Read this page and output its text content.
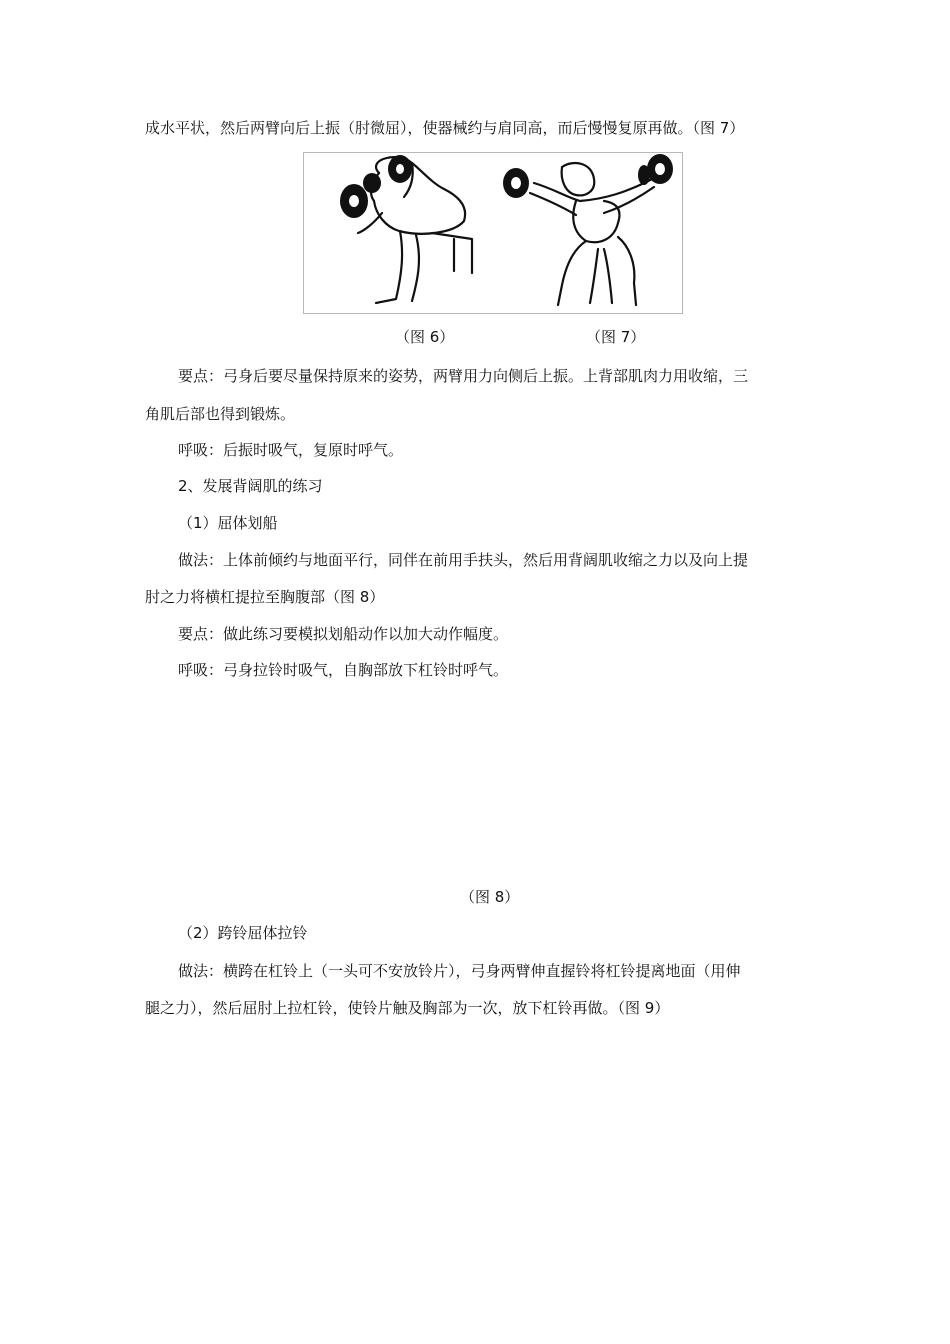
成水平状，然后两臂向后上振（肘微屈），使器械约与肩同高，而后慢慢复原再做。（图 7）
（图 6）	（图 7）
要点：弓身后要尽量保持原来的姿势，两臂用力向侧后上振。上背部肌肉力用收缩，三
角肌后部也得到锻炼。
呼吸：后振时吸气，复原时呼气。
2、发展背阔肌的练习
（1）屈体划船
做法：上体前倾约与地面平行，同伴在前用手扶头，然后用背阔肌收缩之力以及向上提
肘之力将横杠提拉至胸腹部（图 8）
要点：做此练习要模拟划船动作以加大动作幅度。
呼吸：弓身拉铃时吸气，自胸部放下杠铃时呼气。
（图 8）
（2）跨铃屈体拉铃
做法：横跨在杠铃上（一头可不安放铃片），弓身两臂伸直握铃将杠铃提离地面（用伸
腿之力），然后屈肘上拉杠铃，使铃片触及胸部为一次，放下杠铃再做。（图 9）
